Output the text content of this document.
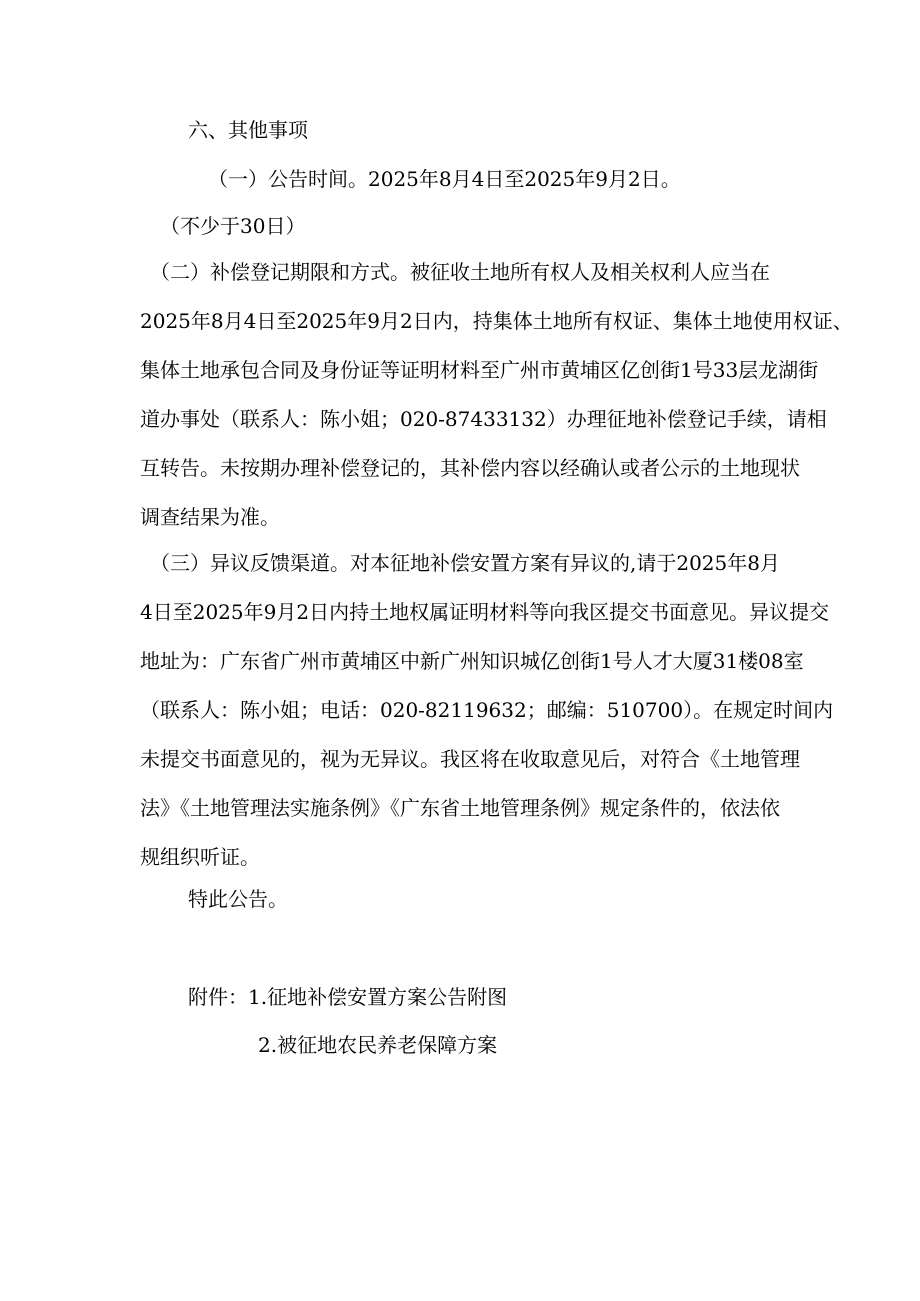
六、其他事项
（一）公告时间。2025年8月4日至2025年9月2日。
（不少于30日）
　（二）补偿登记期限和方式。被征收土地所有权人及相关权利人应当在
2025年8月4日至2025年9月2日内，持集体土地所有权证、集体土地使用权证、
集体土地承包合同及身份证等证明材料至广州市黄埔区亿创街1号33层龙湖街
道办事处（联系人：陈小姐；020-87433132）办理征地补偿登记手续，请相
互转告。未按期办理补偿登记的，其补偿内容以经确认或者公示的土地现状
调查结果为准。
　（三）异议反馈渠道。对本征地补偿安置方案有异议的,请于2025年8月
4日至2025年9月2日内持土地权属证明材料等向我区提交书面意见。异议提交
地址为：广东省广州市黄埔区中新广州知识城亿创街1号人才大厦31楼08室
（联系人：陈小姐；电话：020-82119632；邮编：510700）。在规定时间内
未提交书面意见的，视为无异议。我区将在收取意见后，对符合《土地管理
法》《土地管理法实施条例》《广东省土地管理条例》规定条件的，依法依
规组织听证。
特此公告。
附件：1.征地补偿安置方案公告附图
2.被征地农民养老保障方案
